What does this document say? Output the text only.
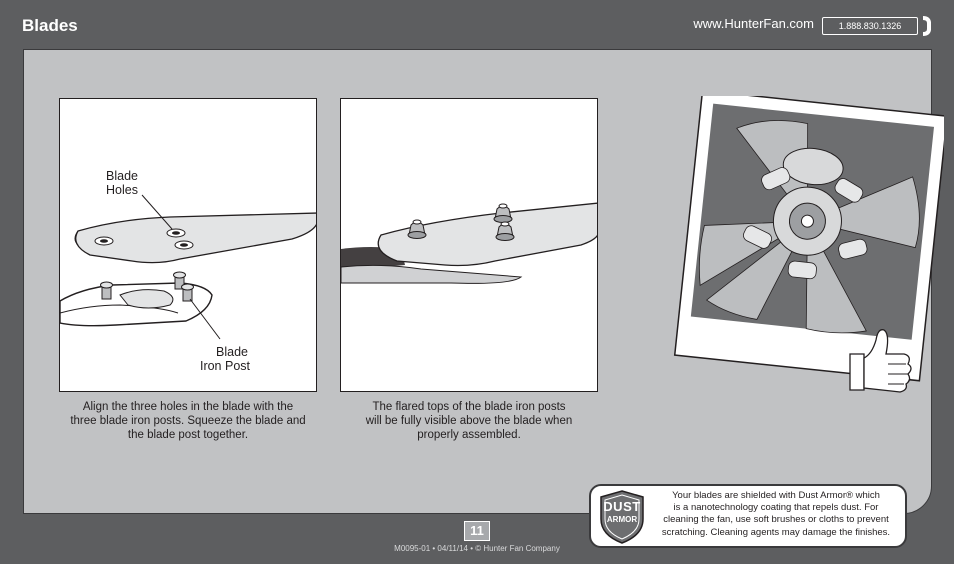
Blades	www.HunterFan.com	1.888.830.1326
Blade
Holes
Blade
Iron Post
Align the three holes in the blade with the
three blade iron posts. Squeeze the blade and
the blade post together.
The flared tops of the blade iron posts
will be fully visible above the blade when
properly assembled.
DUST
ARMOR
Your blades are shielded with Dust Armor® which
is a nanotechnology coating that repels dust. For
cleaning the fan, use soft brushes or cloths to prevent
scratching. Cleaning agents may damage the finishes.
11
M0095-01 • 04/11/14 • © Hunter Fan Company
